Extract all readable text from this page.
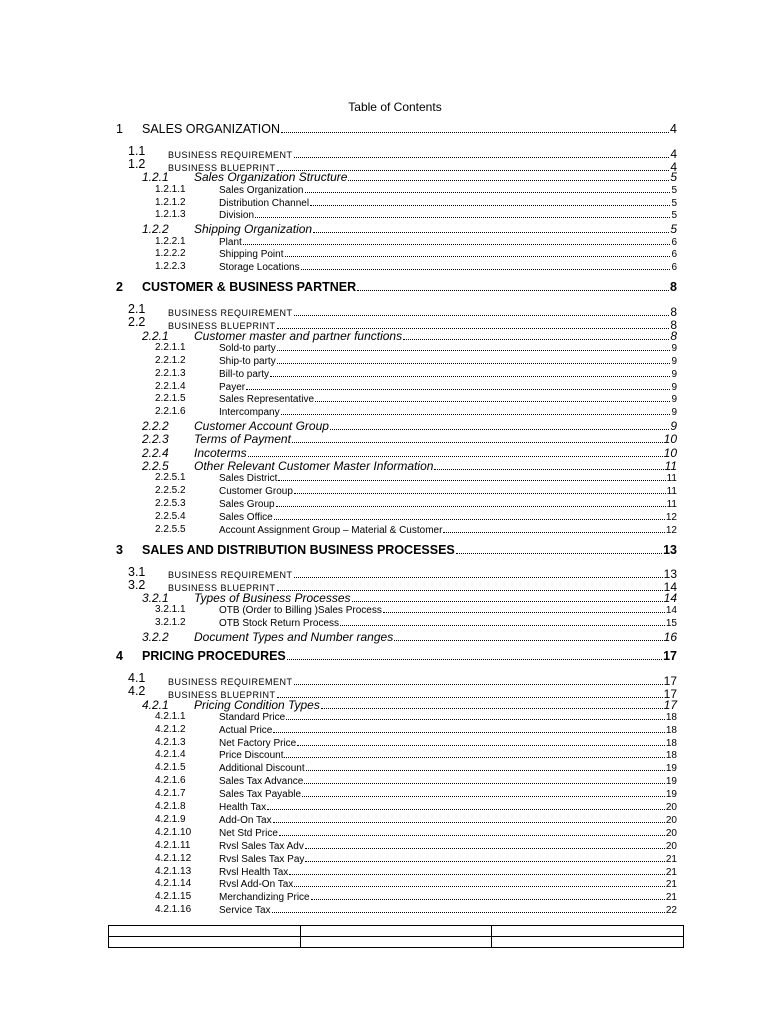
Table of Contents
1 SALES ORGANIZATION	4
1.1	BUSINESS REQUIREMENT	4
1.2	BUSINESS BLUEPRINT	4
1.2.1 Sales Organization Structure	5
1.2.1.1	Sales Organization	5
1.2.1.2	Distribution Channel	5
1.2.1.3	Division	5
1.2.2 Shipping Organization	5
1.2.2.1	Plant	6
1.2.2.2	Shipping Point	6
1.2.2.3	Storage Locations	6
2 CUSTOMER & BUSINESS PARTNER	8
2.1	BUSINESS REQUIREMENT	8
2.2	BUSINESS BLUEPRINT	8
2.2.1 Customer master and partner functions	8
2.2.1.1	Sold-to party	9
2.2.1.2	Ship-to party	9
2.2.1.3	Bill-to party	9
2.2.1.4	Payer	9
2.2.1.5	Sales Representative	9
2.2.1.6	Intercompany	9
2.2.2 Customer Account Group	9
2.2.3 Terms of Payment	10
2.2.4 Incoterms	10
2.2.5 Other Relevant Customer Master Information	11
2.2.5.1	Sales District	11
2.2.5.2	Customer Group	11
2.2.5.3	Sales Group	11
2.2.5.4	Sales Office	12
2.2.5.5	Account Assignment Group – Material & Customer	12
3 SALES AND DISTRIBUTION BUSINESS PROCESSES	13
3.1	BUSINESS REQUIREMENT	13
3.2	BUSINESS BLUEPRINT	14
3.2.1 Types of Business Processes	14
3.2.1.1	OTB (Order to Billing )Sales Process	14
3.2.1.2	OTB Stock Return Process	15
3.2.2 Document Types and Number ranges	16
4 PRICING PROCEDURES	17
4.1	BUSINESS REQUIREMENT	17
4.2	BUSINESS BLUEPRINT	17
4.2.1 Pricing Condition Types	17
4.2.1.1	Standard Price	18
4.2.1.2	Actual Price	18
4.2.1.3	Net Factory Price	18
4.2.1.4	Price Discount	18
4.2.1.5	Additional Discount	19
4.2.1.6	Sales Tax Advance	19
4.2.1.7	Sales Tax Payable	19
4.2.1.8	Health Tax	20
4.2.1.9	Add-On Tax	20
4.2.1.10	Net Std Price	20
4.2.1.11	Rvsl Sales Tax Adv	20
4.2.1.12	Rvsl Sales Tax Pay	21
4.2.1.13	Rvsl Health Tax	21
4.2.1.14	Rvsl Add-On Tax	21
4.2.1.15	Merchandizing Price	21
4.2.1.16	Service Tax	22
